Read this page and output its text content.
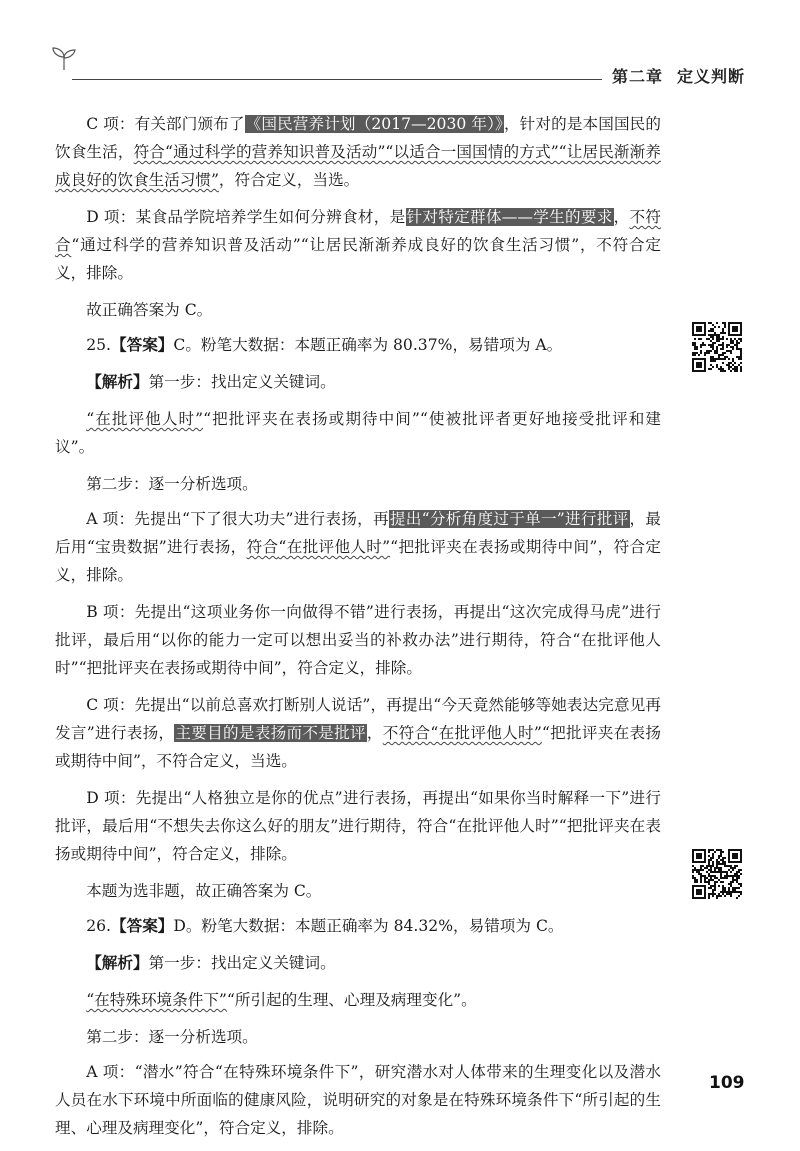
第二章 定义判断

C 项：有关部门颁布了《国民营养计划（2017—2030 年）》，针对的是本国国民的饮食生活，符合“通过科学的营养知识普及活动”“以适合一国国情的方式”“让居民渐渐养成良好的饮食生活习惯”，符合定义，当选。

D 项：某食品学院培养学生如何分辨食材，是针对特定群体——学生的要求，不符合“通过科学的营养知识普及活动”“让居民渐渐养成良好的饮食生活习惯”，不符合定义，排除。

故正确答案为 C。

25.【答案】C。粉笔大数据：本题正确率为 80.37%，易错项为 A。

【解析】第一步：找出定义关键词。

“在批评他人时”“把批评夹在表扬或期待中间”“使被批评者更好地接受批评和建议”。

第二步：逐一分析选项。

A 项：先提出“下了很大功夫”进行表扬，再提出“分析角度过于单一”进行批评，最后用“宝贵数据”进行表扬，符合“在批评他人时”“把批评夹在表扬或期待中间”，符合定义，排除。

B 项：先提出“这项业务你一向做得不错”进行表扬，再提出“这次完成得马虎”进行批评，最后用“以你的能力一定可以想出妥当的补救办法”进行期待，符合“在批评他人时”“把批评夹在表扬或期待中间”，符合定义，排除。

C 项：先提出“以前总喜欢打断别人说话”，再提出“今天竟然能够等她表达完意见再发言”进行表扬，主要目的是表扬而不是批评，不符合“在批评他人时”“把批评夹在表扬或期待中间”，不符合定义，当选。

D 项：先提出“人格独立是你的优点”进行表扬，再提出“如果你当时解释一下”进行批评，最后用“不想失去你这么好的朋友”进行期待，符合“在批评他人时”“把批评夹在表扬或期待中间”，符合定义，排除。

本题为选非题，故正确答案为 C。

26.【答案】D。粉笔大数据：本题正确率为 84.32%，易错项为 C。

【解析】第一步：找出定义关键词。

“在特殊环境条件下”“所引起的生理、心理及病理变化”。

第二步：逐一分析选项。

A 项：“潜水”符合“在特殊环境条件下”，研究潜水对人体带来的生理变化以及潜水人员在水下环境中所面临的健康风险，说明研究的对象是在特殊环境条件下“所引起的生理、心理及病理变化”，符合定义，排除。

109
